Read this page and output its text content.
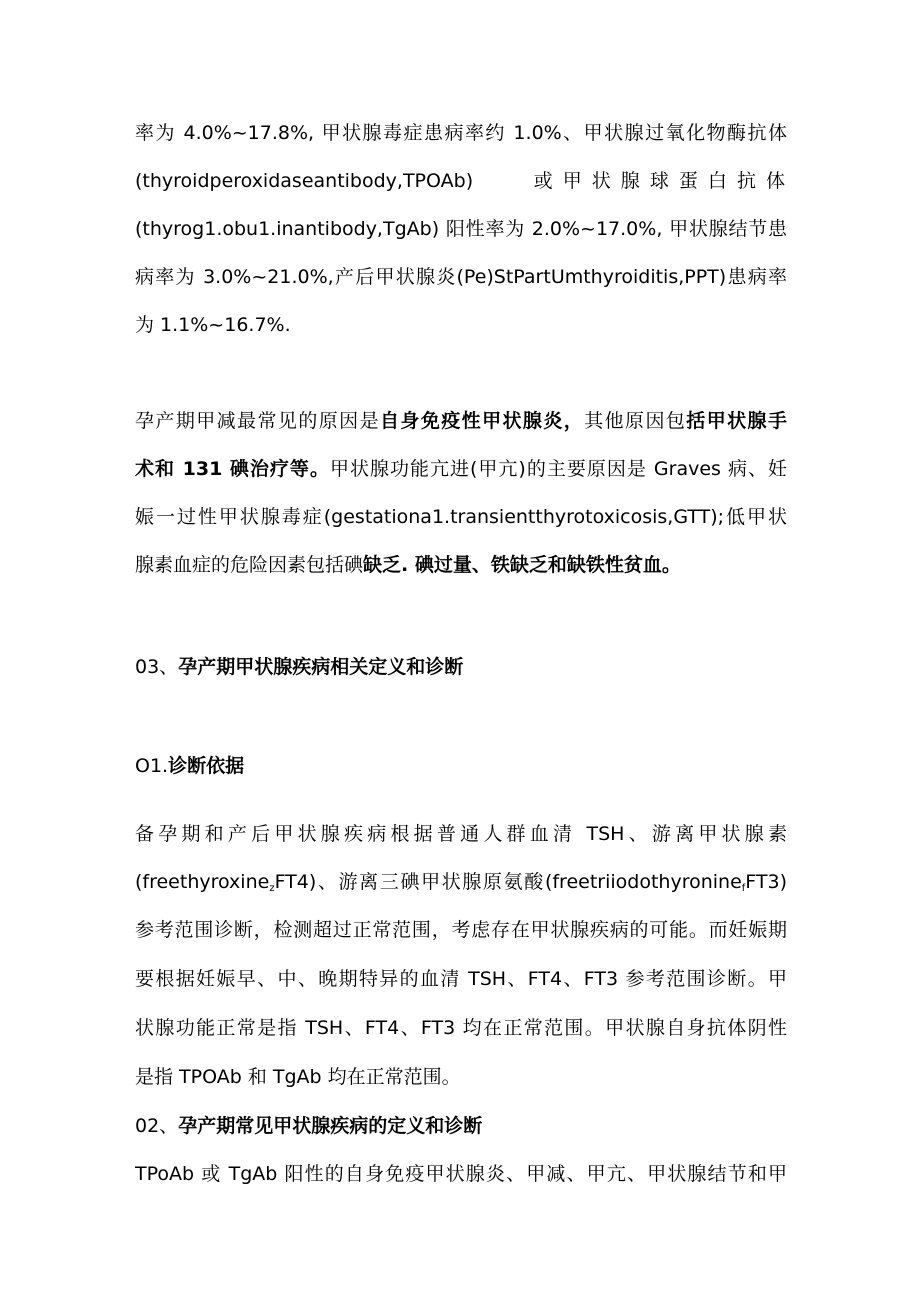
率为 4.0%~17.8%, 甲状腺毒症患病率约 1.0%、甲状腺过氧化物酶抗体
(thyroidperoxidaseantibody,TPOAb)	或 甲 状 腺 球 蛋 白 抗 体
(thyrog1.obu1.inantibody,TgAb) 阳性率为 2.0%~17.0%, 甲状腺结节患
病率为 3.0%~21.0%,产后甲状腺炎(Pe)StPartUmthyroiditis,PPT)患病率
为 1.1%~16.7%.
孕产期甲减最常见的原因是自身免疫性甲状腺炎，其他原因包括甲状腺手
术和 131 碘治疗等。甲状腺功能亢进(甲亢)的主要原因是 Graves 病、妊
娠一过性甲状腺毒症(gestationa1.transientthyrotoxicosis,GTT);低甲状
腺素血症的危险因素包括碘缺乏. 碘过量、铁缺乏和缺铁性贫血。
03、孕产期甲状腺疾病相关定义和诊断
O1.诊断依据
备孕期和产后甲状腺疾病根据普通人群血清 TSH、游离甲状腺素
(freethyroxine$_z$FT4)、游离三碘甲状腺原氨酸(freetriiodothyronine$_f$FT3)
参考范围诊断，检测超过正常范围，考虑存在甲状腺疾病的可能。而妊娠期
要根据妊娠早、中、晚期特异的血清 TSH、FT4、FT3 参考范围诊断。甲
状腺功能正常是指 TSH、FT4、FT3 均在正常范围。甲状腺自身抗体阴性
是指 TPOAb 和 TgAb 均在正常范围。
02、孕产期常见甲状腺疾病的定义和诊断
TPoAb 或 TgAb 阳性的自身免疫甲状腺炎、甲减、甲亢、甲状腺结节和甲
